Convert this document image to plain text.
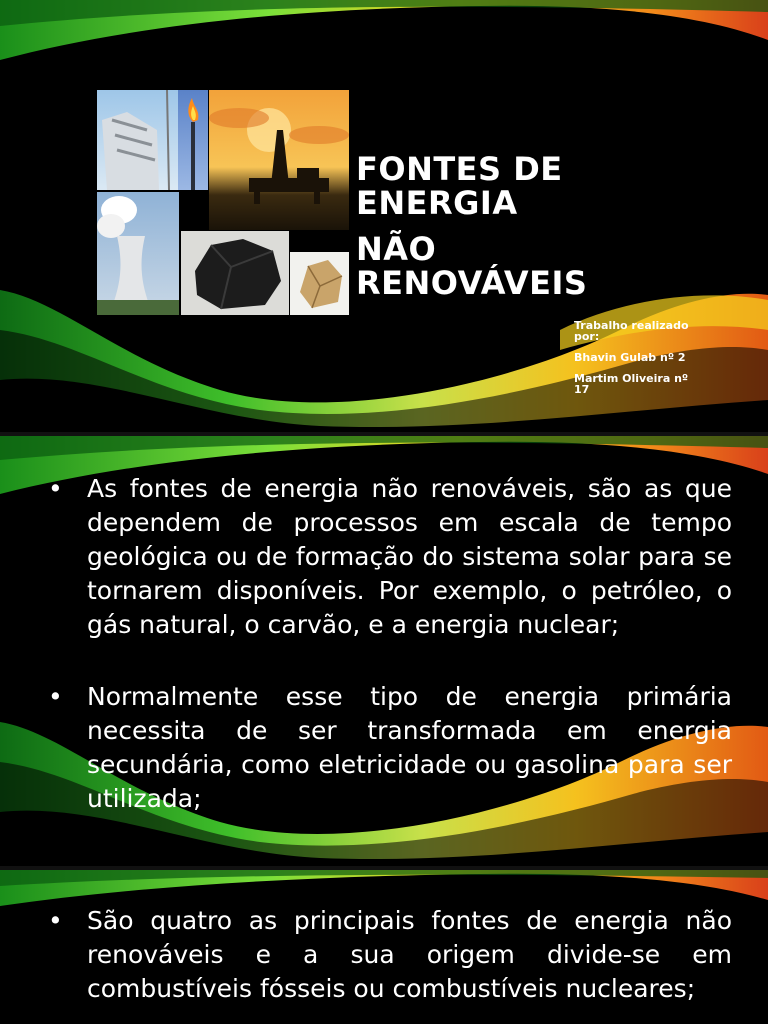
FONTES DE ENERGIA
NÃO RENOVÁVEIS

Trabalho realizado por:

Bhavin Gulab nº 2

Martim Oliveira nº 17

• As fontes de energia não renováveis, são as que dependem de processos em escala de tempo geológica ou de formação do sistema solar para se tornarem disponíveis. Por exemplo, o petróleo, o gás natural, o carvão, e a energia nuclear;
• Normalmente esse tipo de energia primária necessita de ser transformada em energia secundária, como eletricidade ou gasolina para ser utilizada;
• São quatro as principais fontes de energia não renováveis e a sua origem divide-se em combustíveis fósseis ou combustíveis nucleares;
